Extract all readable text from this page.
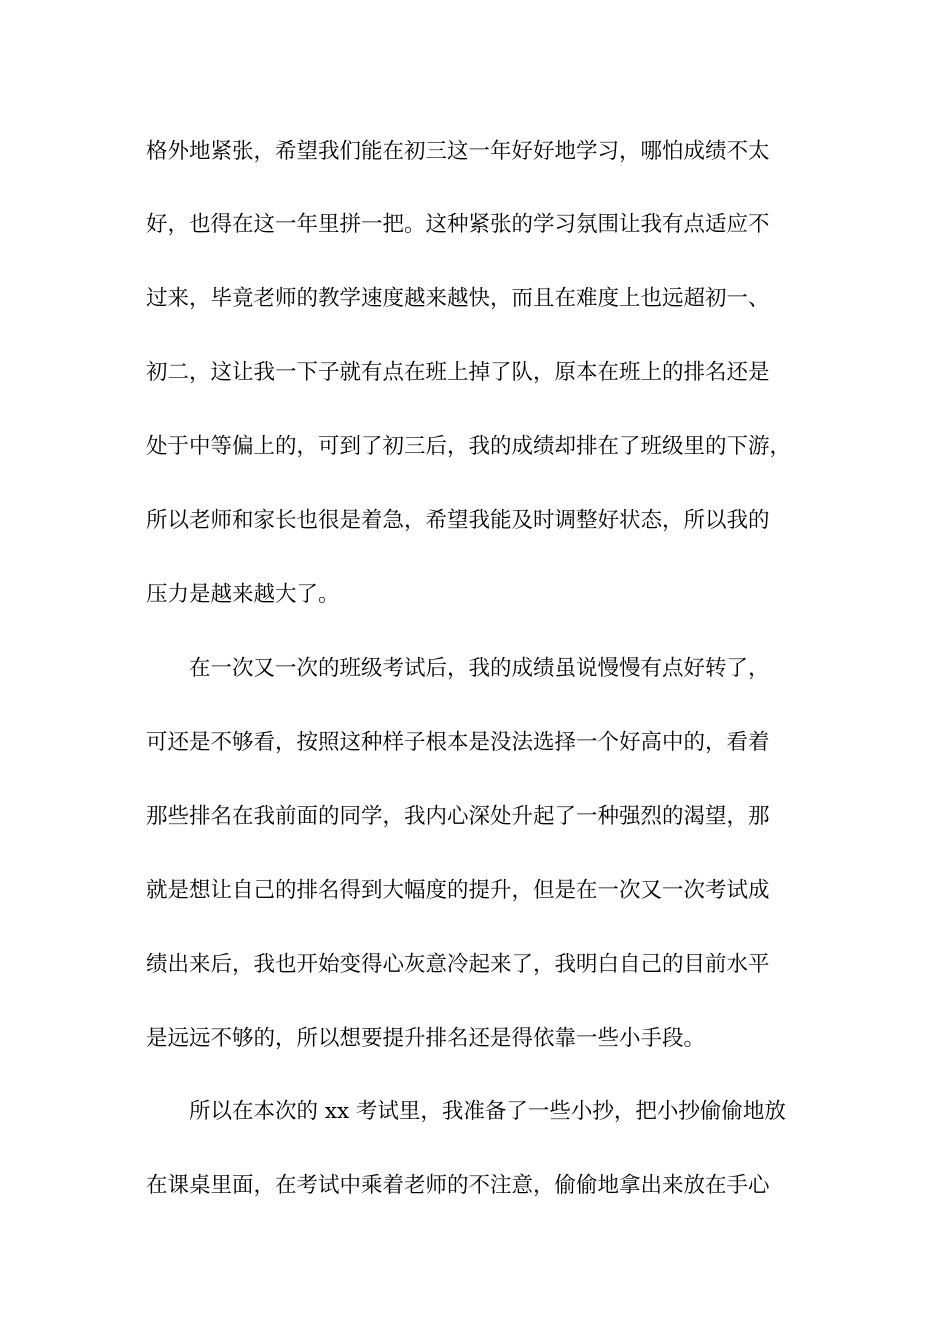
格外地紧张，希望我们能在初三这一年好好地学习，哪怕成绩不太
好，也得在这一年里拼一把。这种紧张的学习氛围让我有点适应不
过来，毕竟老师的教学速度越来越快，而且在难度上也远超初一、
初二，这让我一下子就有点在班上掉了队，原本在班上的排名还是
处于中等偏上的，可到了初三后，我的成绩却排在了班级里的下游，
所以老师和家长也很是着急，希望我能及时调整好状态，所以我的
压力是越来越大了。
在一次又一次的班级考试后，我的成绩虽说慢慢有点好转了，
可还是不够看，按照这种样子根本是没法选择一个好高中的，看着
那些排名在我前面的同学，我内心深处升起了一种强烈的渴望，那
就是想让自己的排名得到大幅度的提升，但是在一次又一次考试成
绩出来后，我也开始变得心灰意冷起来了，我明白自己的目前水平
是远远不够的，所以想要提升排名还是得依靠一些小手段。
所以在本次的 xx 考试里，我准备了一些小抄，把小抄偷偷地放
在课桌里面，在考试中乘着老师的不注意，偷偷地拿出来放在手心
